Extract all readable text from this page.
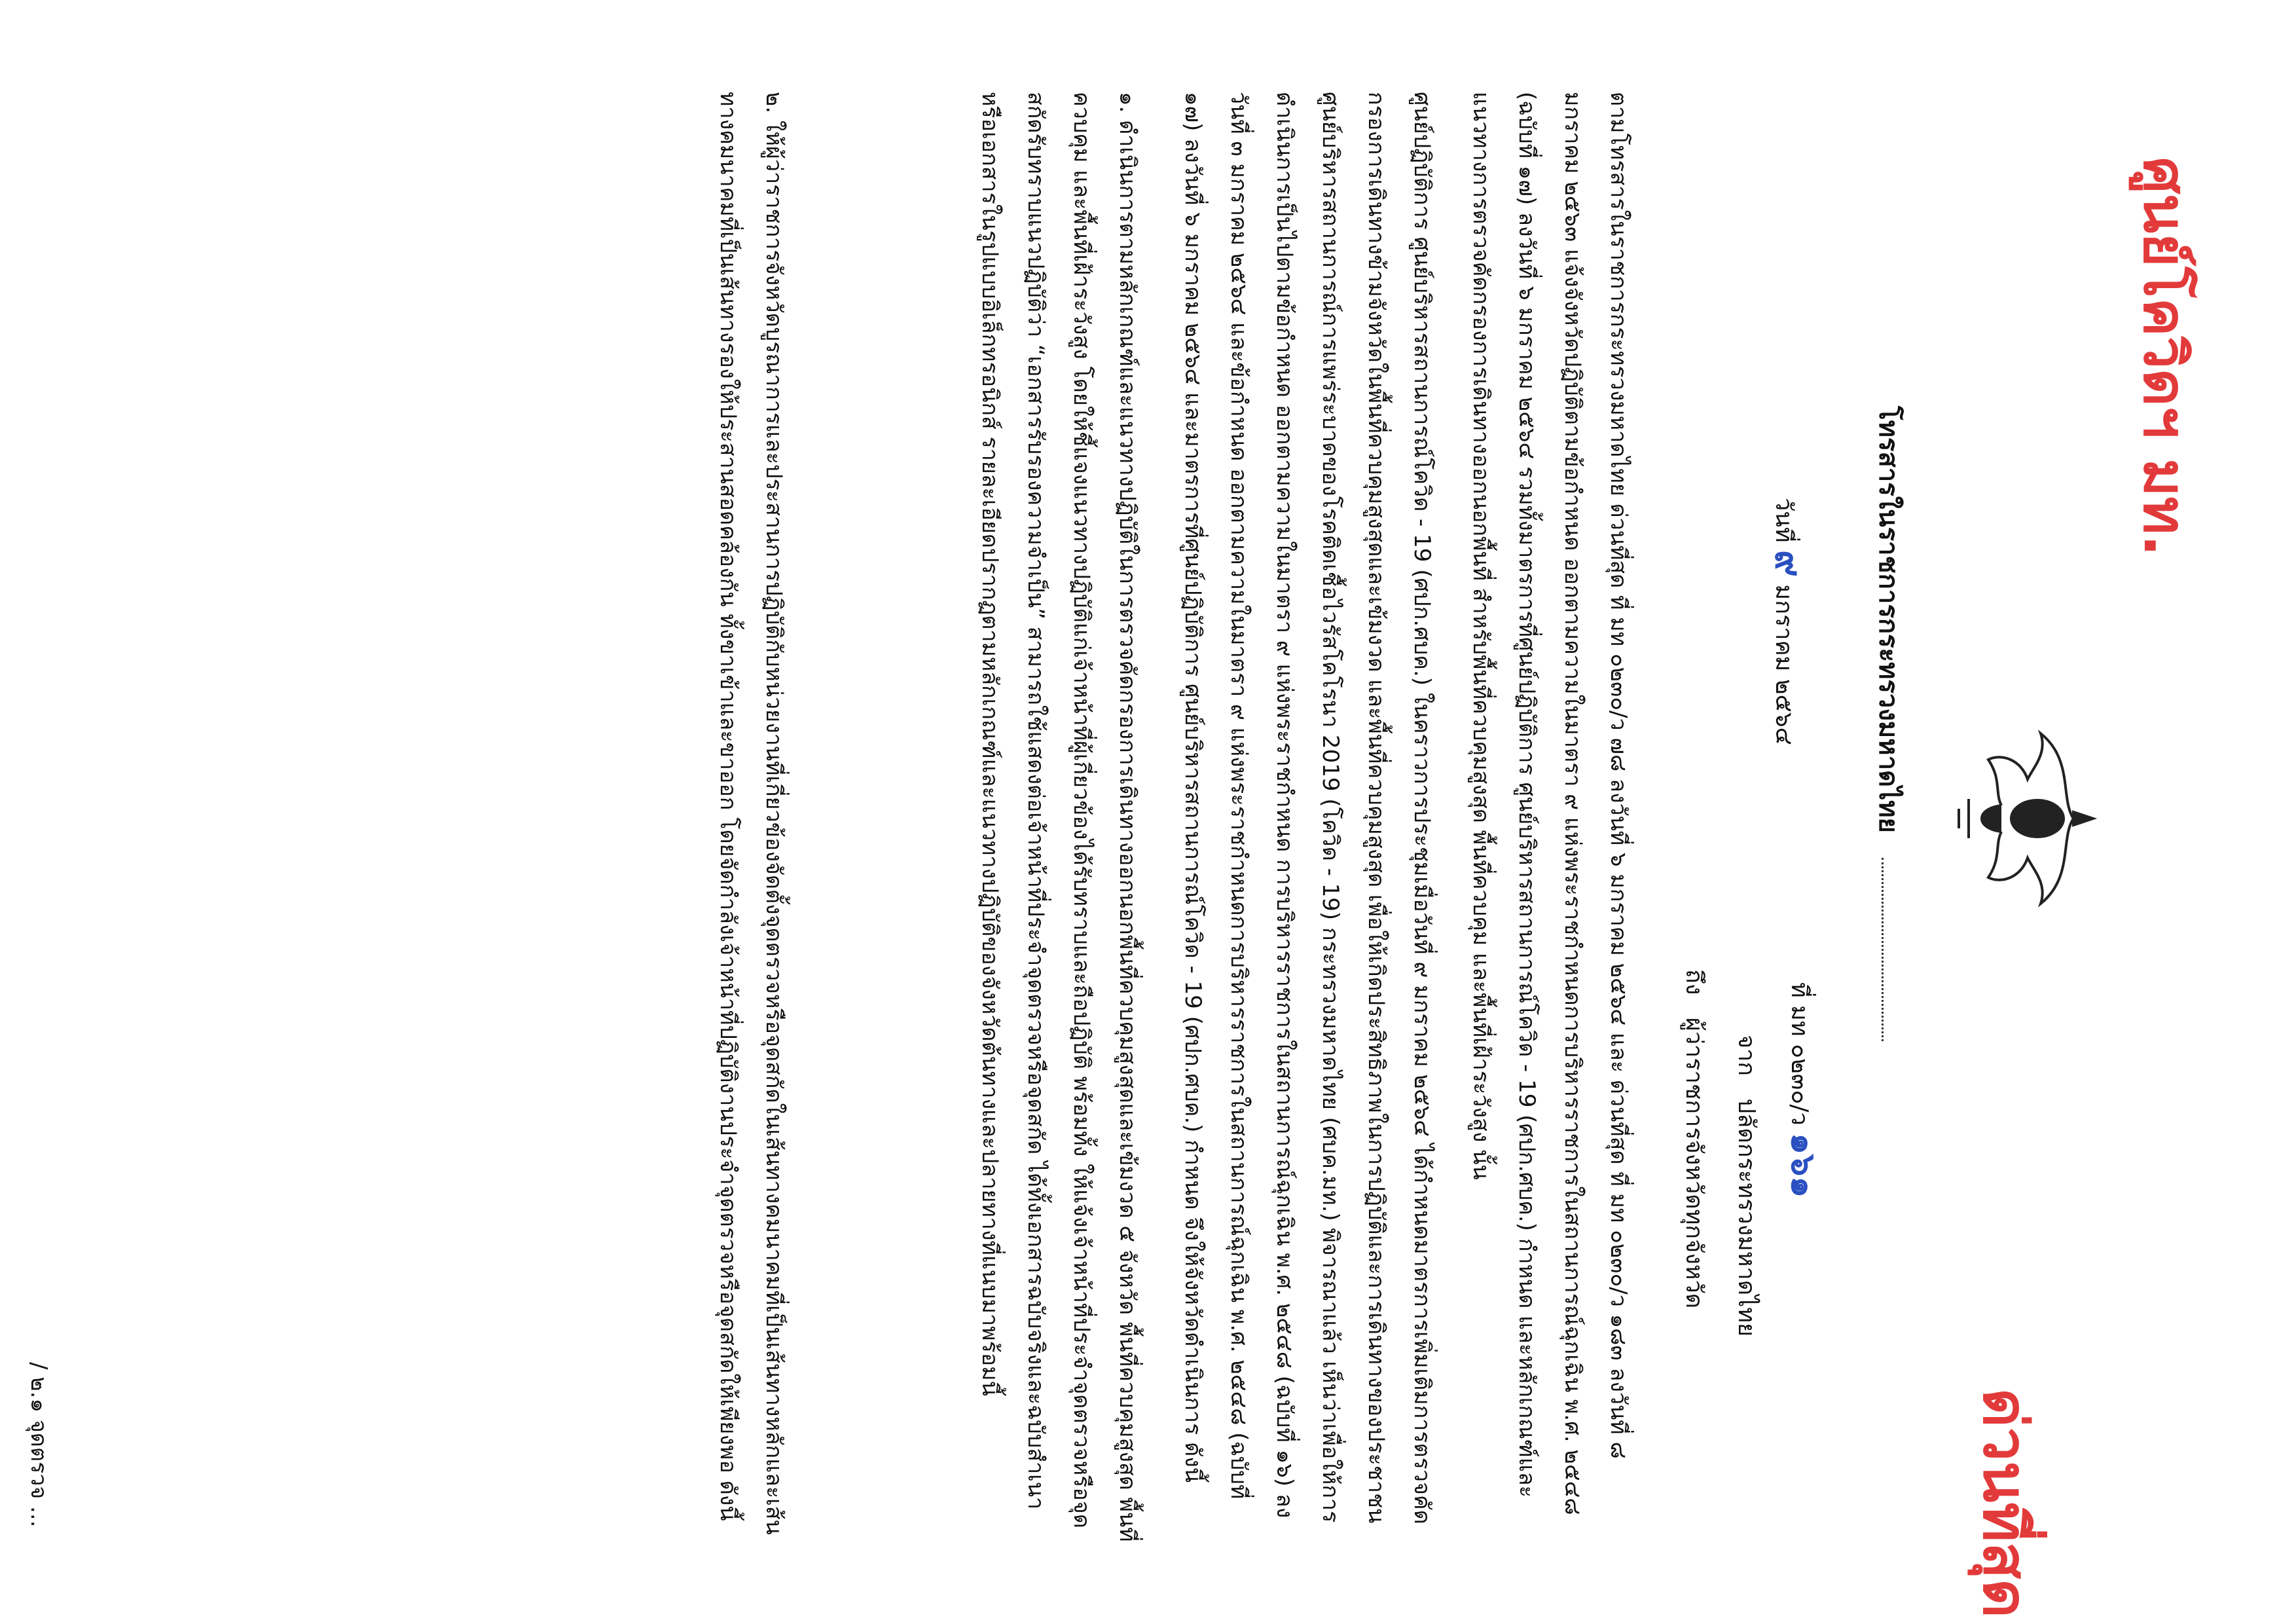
ศูนย์โควิดฯ มท.
โทรสารในราชการกระทรวงมหาดไทย
ที่ มท ๐๒๓๐/ว ๑๖๑
วันที่ ๙ มกราคม ๒๕๖๔
จาก   ปลัดกระทรวงมหาดไทย
ถึง   ผู้ว่าราชการจังหวัดทุกจังหวัด
ด่วนที่สุด
ตามโทรสารในราชการกระทรวงมหาดไทย ด่วนที่สุด ที่ มท ๐๒๓๐/ว ๗๘ ลงวันที่ ๖ มกราคม ๒๕๖๔ และ ด่วนที่สุด ที่ มท ๐๒๓๐/ว ๑๘๓ ลงวันที่ ๘ มกราคม ๒๕๖๓ แจ้งจังหวัดปฏิบัติตามข้อกำหนด ออกตามความในมาตรา ๙ แห่งพระราชกำหนดการบริหารราชการในสถานการณ์ฉุกเฉิน พ.ศ. ๒๕๔๘ (ฉบับที่ ๑๗) ลงวันที่ ๖ มกราคม ๒๕๖๔ รวมทั้งมาตรการที่ศูนย์ปฏิบัติการ ศูนย์บริหารสถานการณ์โควิด - 19 (ศปก.ศบค.) กำหนด และหลักเกณฑ์และแนวทางการตรวจคัดกรองการเดินทางออกนอกพื้นที่ สำหรับพื้นที่ควบคุมสูงสุด พื้นที่ควบคุม และพื้นที่เฝ้าระวังสูง นั้น
ศูนย์ปฏิบัติการ ศูนย์บริหารสถานการณ์โควิด - 19 (ศปก.ศบค.) ในคราวการประชุมเมื่อวันที่ ๙ มกราคม ๒๕๖๔ ได้กำหนดมาตรการเพิ่มเติมการตรวจคัดกรองการเดินทางข้ามจังหวัดในพื้นที่ควบคุมสูงสุดและเข้มงวด และพื้นที่ควบคุมสูงสุด เพื่อให้เกิดประสิทธิภาพในการปฏิบัติและการเดินทางของประชาชน ศูนย์บริหารสถานการณ์การแพร่ระบาดของโรคติดเชื้อไวรัสโคโรนา 2019 (โควิด - 19) กระทรวงมหาดไทย (ศบค.มท.) พิจารณาแล้ว เห็นว่าเพื่อให้การดำเนินการเป็นไปตามข้อกำหนด ออกตามความในมาตรา ๙ แห่งพระราชกำหนด การบริหารราชการในสถานการณ์ฉุกเฉิน พ.ศ. ๒๕๔๘ (ฉบับที่ ๑๖) ลงวันที่ ๓ มกราคม ๒๕๖๔ และข้อกำหนด ออกตามความในมาตรา ๙ แห่งพระราชกำหนดการบริหารราชการในสถานการณ์ฉุกเฉิน พ.ศ. ๒๕๔๘ (ฉบับที่ ๑๗) ลงวันที่ ๖ มกราคม ๒๕๖๔ และมาตรการที่ศูนย์ปฏิบัติการ ศูนย์บริหารสถานการณ์โควิด - 19 (ศปก.ศบค.) กำหนด จึงให้จังหวัดดำเนินการ ดังนี้
๑. ดำเนินการตามหลักเกณฑ์และแนวทางปฏิบัติในการตรวจคัดกรองการเดินทางออกนอกพื้นที่ควบคุมสูงสุดและเข้มงวด ๕ จังหวัด พื้นที่ควบคุมสูงสุด พื้นที่ควบคุม และพื้นที่เฝ้าระวังสูง โดยให้ชี้แจงแนวทางปฏิบัติแก่เจ้าหน้าที่ผู้เกี่ยวข้องได้รับทราบและถือปฏิบัติ พร้อมทั้ง ให้แจ้งเจ้าหน้าที่ประจำจุดตรวจหรือจุดสกัดรับทราบแนวปฏิบัติว่า “เอกสารรับรองความจำเป็น” สามารถใช้แสดงต่อเจ้าหน้าที่ประจำจุดตรวจหรือจุดสกัด ได้ทั้งเอกสารฉบับจริงและฉบับสำเนา หรือเอกสารในรูปแบบอิเล็กทรอนิกส์ รายละเอียดปรากฏตามหลักเกณฑ์และแนวทางปฏิบัติของจังหวัดต้นทางและปลายทางที่แนบมาพร้อมนี้
๒. ให้ผู้ว่าราชการจังหวัดบูรณาการและประสานการปฏิบัติกับหน่วยงานที่เกี่ยวข้องจัดตั้งจุดตรวจหรือจุดสกัดในเส้นทางคมนาคมที่เป็นเส้นทางหลักและเส้นทางคมนาคมที่เป็นเส้นทางรองให้ประสานสอดคล้องกัน ทั้งขาเข้าและขาออก โดยจัดกำลังเจ้าหน้าที่ปฏิบัติงานประจำจุดตรวจหรือจุดสกัดให้เพียงพอ ดังนี้
/ ๒.๑ จุดตรวจ ...
